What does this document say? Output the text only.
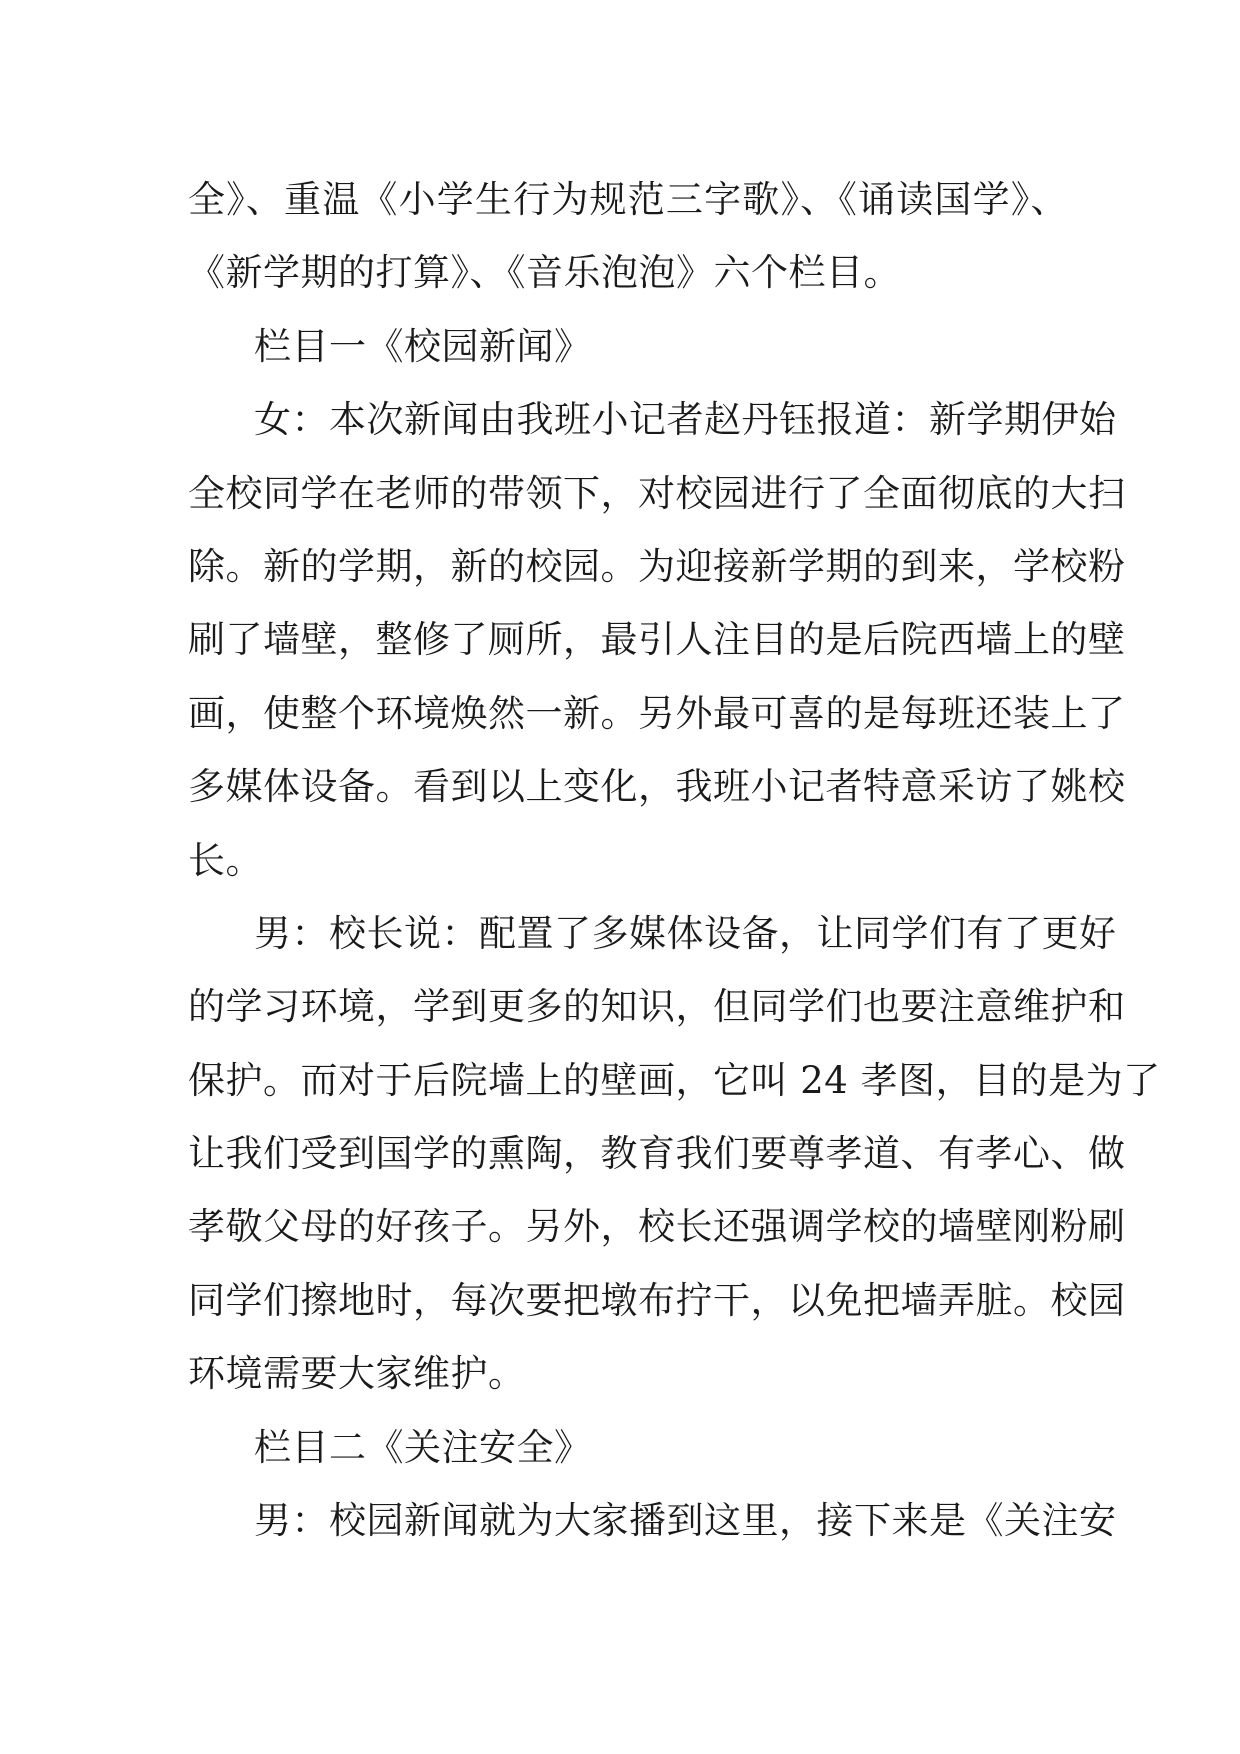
全》、重温《小学生行为规范三字歌》、《诵读国学》、
《新学期的打算》、《音乐泡泡》六个栏目。
栏目一《校园新闻》
女：本次新闻由我班小记者赵丹钰报道：新学期伊始
全校同学在老师的带领下，对校园进行了全面彻底的大扫
除。新的学期，新的校园。为迎接新学期的到来，学校粉
刷了墙壁，整修了厕所，最引人注目的是后院西墙上的壁
画，使整个环境焕然一新。另外最可喜的是每班还装上了
多媒体设备。看到以上变化，我班小记者特意采访了姚校
长。
男：校长说：配置了多媒体设备，让同学们有了更好
的学习环境，学到更多的知识，但同学们也要注意维护和
保护。而对于后院墙上的壁画，它叫 24 孝图，目的是为了
让我们受到国学的熏陶，教育我们要尊孝道、有孝心、做
孝敬父母的好孩子。另外，校长还强调学校的墙壁刚粉刷
同学们擦地时，每次要把墩布拧干，以免把墙弄脏。校园
环境需要大家维护。
栏目二《关注安全》
男：校园新闻就为大家播到这里，接下来是《关注安
